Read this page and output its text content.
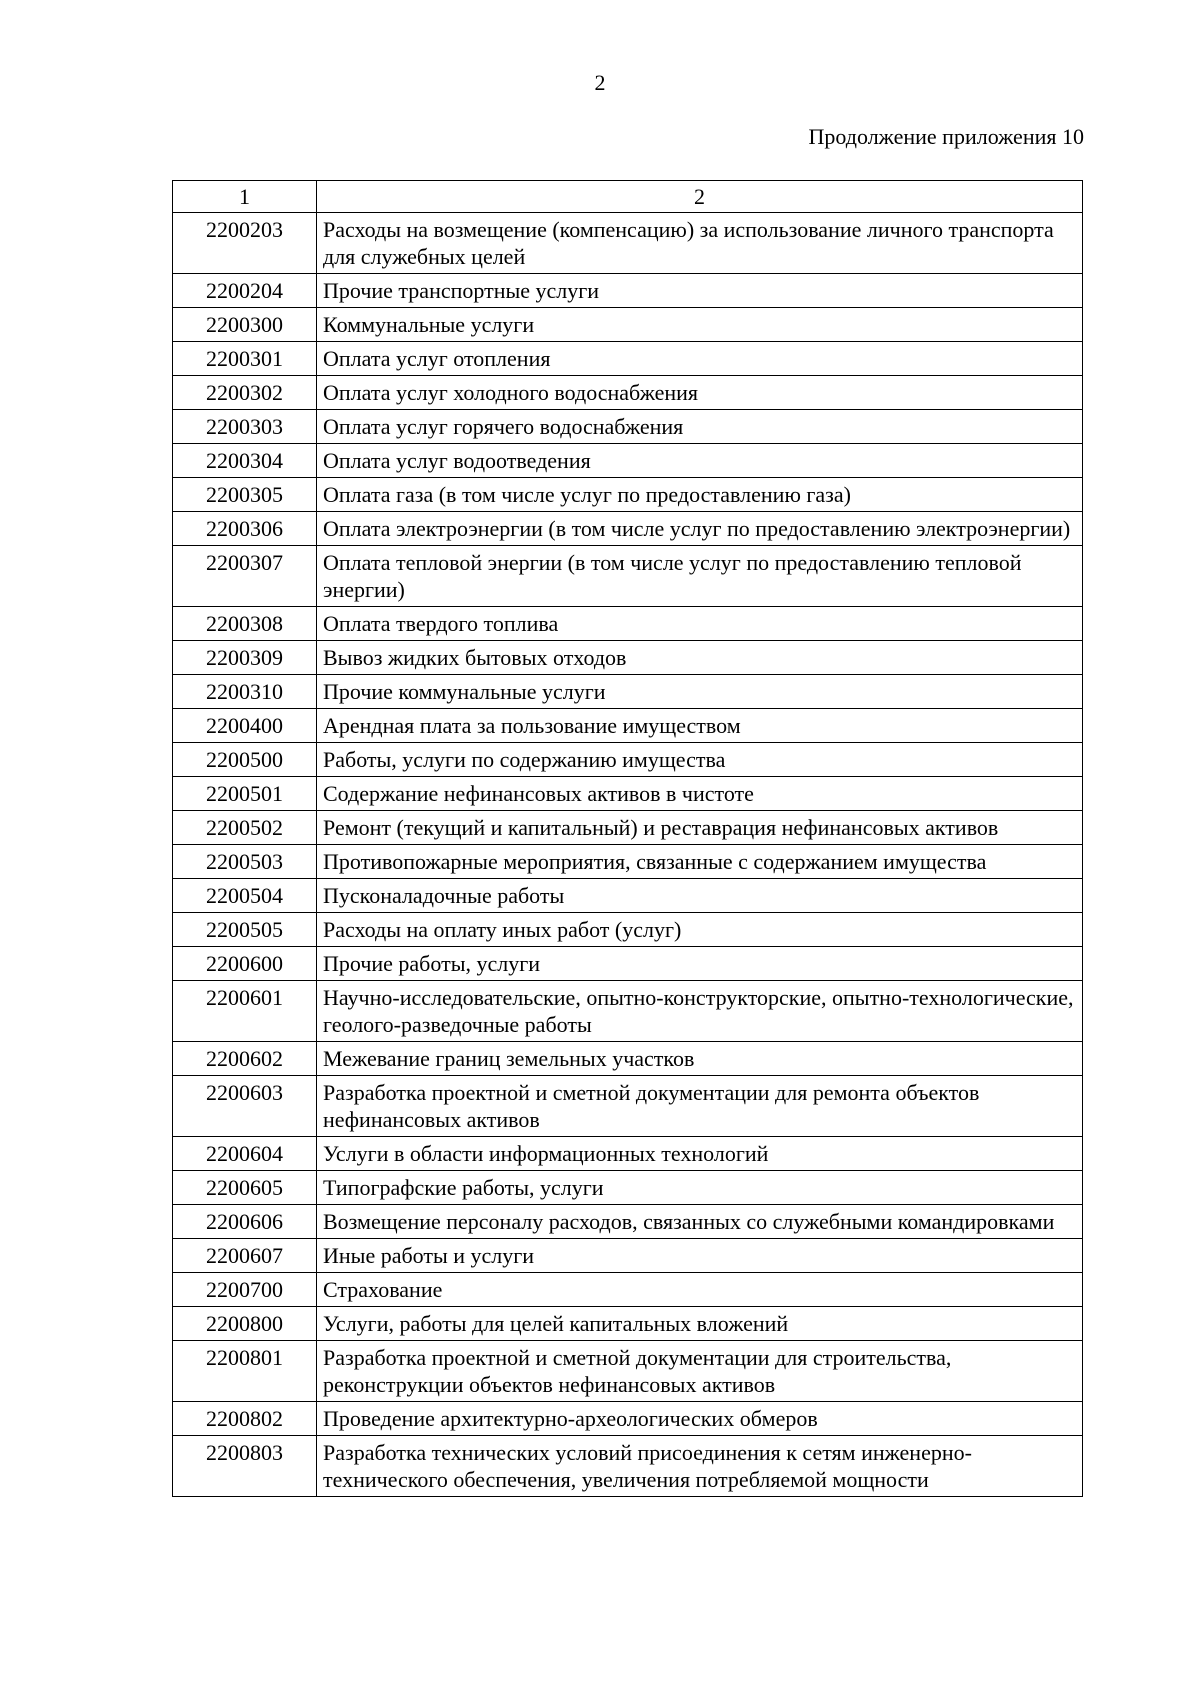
2
Продолжение приложения 10
1	2
2200203	Расходы на возмещение (компенсацию) за использование личного транспорта для служебных целей
2200204	Прочие транспортные услуги
2200300	Коммунальные услуги
2200301	Оплата услуг отопления
2200302	Оплата услуг холодного водоснабжения
2200303	Оплата услуг горячего водоснабжения
2200304	Оплата услуг водоотведения
2200305	Оплата газа (в том числе услуг по предоставлению газа)
2200306	Оплата электроэнергии (в том числе услуг по предоставлению электроэнергии)
2200307	Оплата тепловой энергии (в том числе услуг по предоставлению тепловой энергии)
2200308	Оплата твердого топлива
2200309	Вывоз жидких бытовых отходов
2200310	Прочие коммунальные услуги
2200400	Арендная плата за пользование имуществом
2200500	Работы, услуги по содержанию имущества
2200501	Содержание нефинансовых активов в чистоте
2200502	Ремонт (текущий и капитальный) и реставрация нефинансовых активов
2200503	Противопожарные мероприятия, связанные с содержанием имущества
2200504	Пусконаладочные работы
2200505	Расходы на оплату иных работ (услуг)
2200600	Прочие работы, услуги
2200601	Научно-исследовательские, опытно-конструкторские, опытно-технологические, геолого-разведочные работы
2200602	Межевание границ земельных участков
2200603	Разработка проектной и сметной документации для ремонта объектов нефинансовых активов
2200604	Услуги в области информационных технологий
2200605	Типографские работы, услуги
2200606	Возмещение персоналу расходов, связанных со служебными командировками
2200607	Иные работы и услуги
2200700	Страхование
2200800	Услуги, работы для целей капитальных вложений
2200801	Разработка проектной и сметной документации для строительства, реконструкции объектов нефинансовых активов
2200802	Проведение архитектурно-археологических обмеров
2200803	Разработка технических условий присоединения к сетям инженерно-технического обеспечения, увеличения потребляемой мощности
